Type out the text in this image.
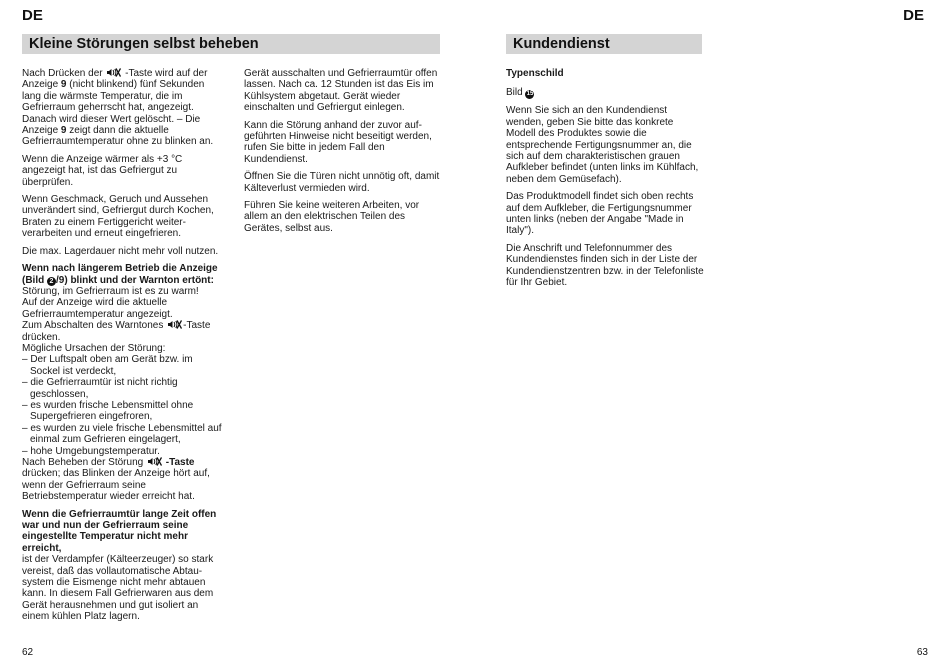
DE	DE
Kleine Störungen selbst beheben	Kundendienst

Nach Drücken der -Taste wird auf der
Anzeige 9 (nicht blinkend) fünf Sekunden
lang die wärmste Temperatur, die im
Gefrierraum geherrscht hat, angezeigt.
Danach wird dieser Wert gelöscht. – Die
Anzeige 9 zeigt dann die aktuelle
Gefrierraumtemperatur ohne zu blinken an.

Wenn die Anzeige wärmer als +3 °C
angezeigt hat, ist das Gefriergut zu
überprüfen.

Wenn Geschmack, Geruch und Aussehen
unverändert sind, Gefriergut durch Kochen,
Braten zu einem Fertiggericht weiter-
verarbeiten und erneut eingefrieren.

Die max. Lagerdauer nicht mehr voll nutzen.

Wenn nach längerem Betrieb die Anzeige
(Bild 2 /9) blinkt und der Warnton ertönt:
Störung, im Gefrierraum ist es zu warm!
Auf der Anzeige wird die aktuelle
Gefrierraumtemperatur angezeigt.
Zum Abschalten des Warntones -Taste
drücken.
Mögliche Ursachen der Störung:
– Der Luftspalt oben am Gerät bzw. im
Sockel ist verdeckt,
– die Gefrierraumtür ist nicht richtig
geschlossen,
– es wurden frische Lebensmittel ohne
Supergefrieren eingefroren,
– es wurden zu viele frische Lebensmittel auf
einmal zum Gefrieren eingelagert,
– hohe Umgebungstemperatur.
Nach Beheben der Störung -Taste
drücken; das Blinken der Anzeige hört auf,
wenn der Gefrierraum seine
Betriebstemperatur wieder erreicht hat.

Wenn die Gefrierraumtür lange Zeit offen
war und nun der Gefrierraum seine
eingestellte Temperatur nicht mehr
erreicht,
ist der Verdampfer (Kälteerzeuger) so stark
vereist, daß das vollautomatische Abtau-
system die Eismenge nicht mehr abtauen
kann. In diesem Fall Gefrierwaren aus dem
Gerät herausnehmen und gut isoliert an
einem kühlen Platz lagern.

Gerät ausschalten und Gefrierraumtür offen
lassen. Nach ca. 12 Stunden ist das Eis im
Kühlsystem abgetaut. Gerät wieder
einschalten und Gefriergut einlegen.

Kann die Störung anhand der zuvor auf-
geführten Hinweise nicht beseitigt werden,
rufen Sie bitte in jedem Fall den
Kundendienst.

Öffnen Sie die Türen nicht unnötig oft, damit
Kälteverlust vermieden wird.

Führen Sie keine weiteren Arbeiten, vor
allem an den elektrischen Teilen des
Gerätes, selbst aus.

Typenschild

Bild 15

Wenn Sie sich an den Kundendienst
wenden, geben Sie bitte das konkrete
Modell des Produktes sowie die
entsprechende Fertigungsnummer an, die
sich auf dem charakteristischen grauen
Aufkleber befindet (unten links im Kühlfach,
neben dem Gemüsefach).

Das Produktmodell findet sich oben rechts
auf dem Aufkleber, die Fertigungsnummer
unten links (neben der Angabe "Made in
Italy").

Die Anschrift und Telefonnummer des
Kundendienstes finden sich in der Liste der
Kundendienstzentren bzw. in der Telefonliste
für Ihr Gebiet.

62	63
